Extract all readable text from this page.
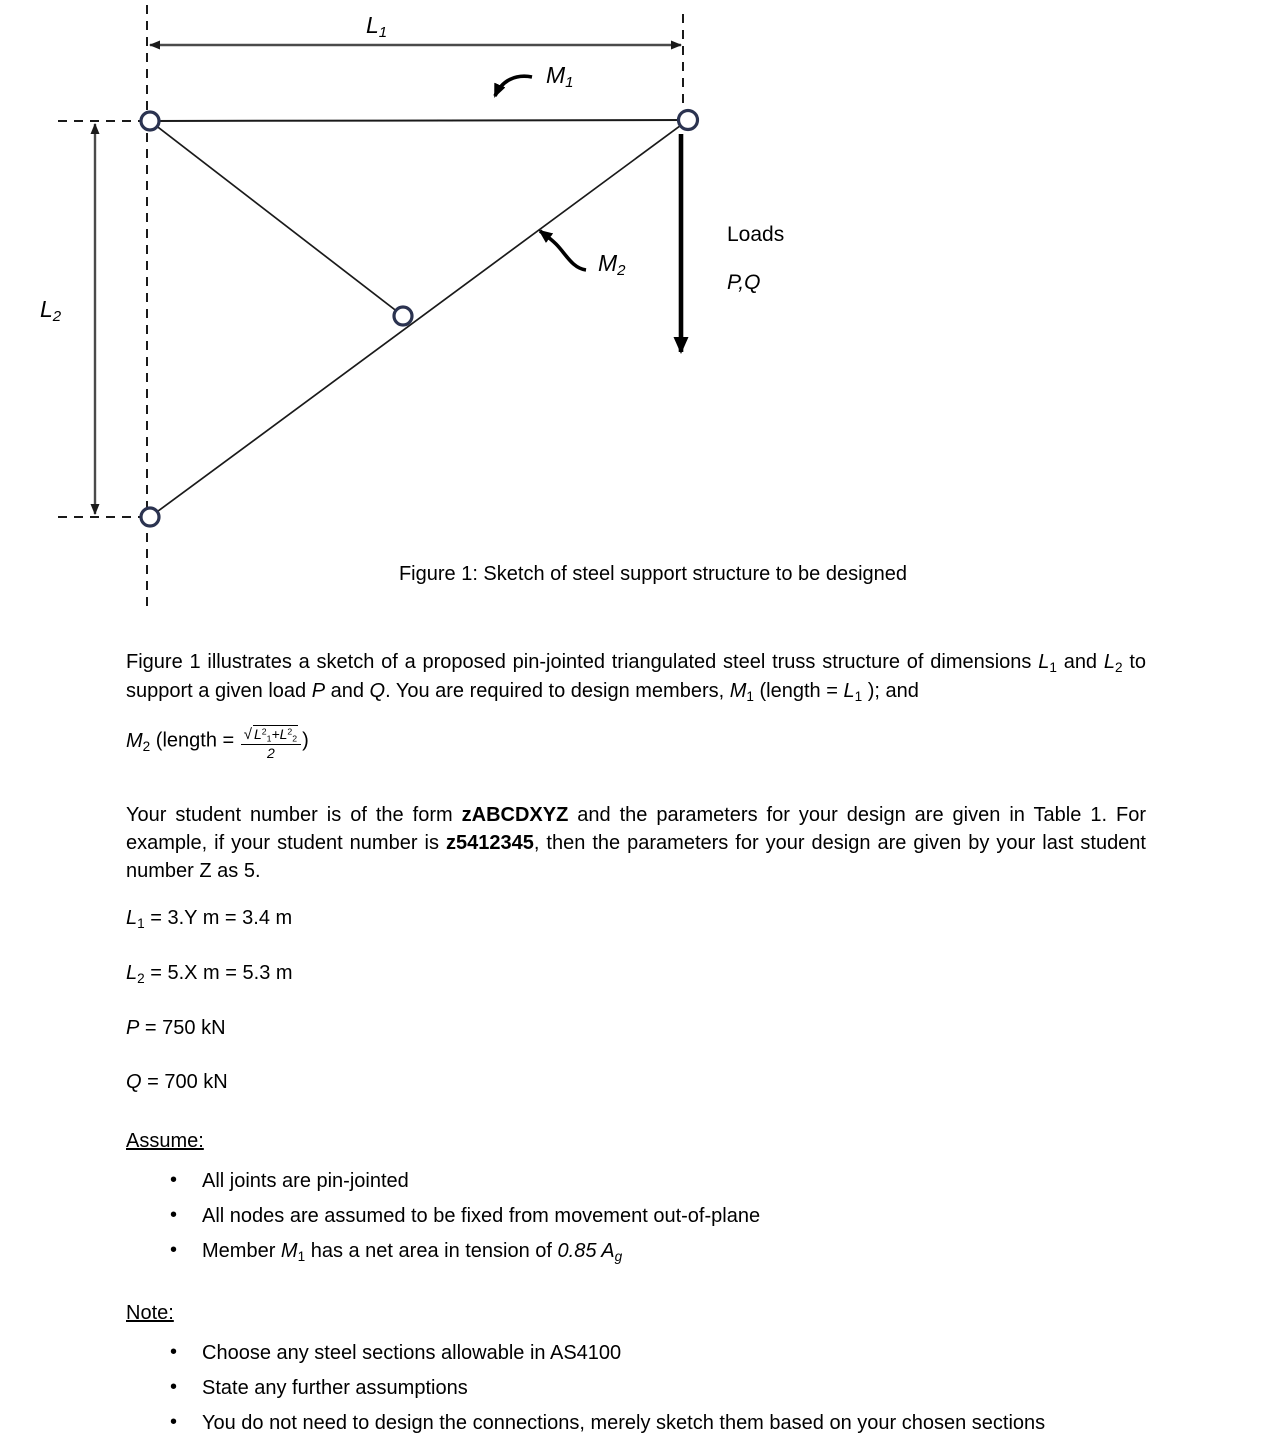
$L_1$
$L_2$
$M_1$
$M_2$
Loads
P,Q
Figure 1: Sketch of steel support structure to be designed

Figure 1 illustrates a sketch of a proposed pin-jointed triangulated steel truss structure of dimensions L1 and L2 to support a given load P and Q. You are required to design members, M1 (length = L1 ); and

M2 (length = $\frac{√ L^21+L^22}{2}$ )

Your student number is of the form zABCDXYZ and the parameters for your design are given in Table 1. For example, if your student number is z5412345, then the parameters for your design are given by your last student number Z as 5.

L1 = 3.Y m = 3.4 m
L2 = 5.X m = 5.3 m
P = 750 kN
Q = 700 kN
Assume:
• All joints are pin-jointed
• All nodes are assumed to be fixed from movement out-of-plane
• Member M1 has a net area in tension of 0.85 $A_g$
Note:
• Choose any steel sections allowable in AS4100
• State any further assumptions
• You do not need to design the connections, merely sketch them based on your chosen sections
